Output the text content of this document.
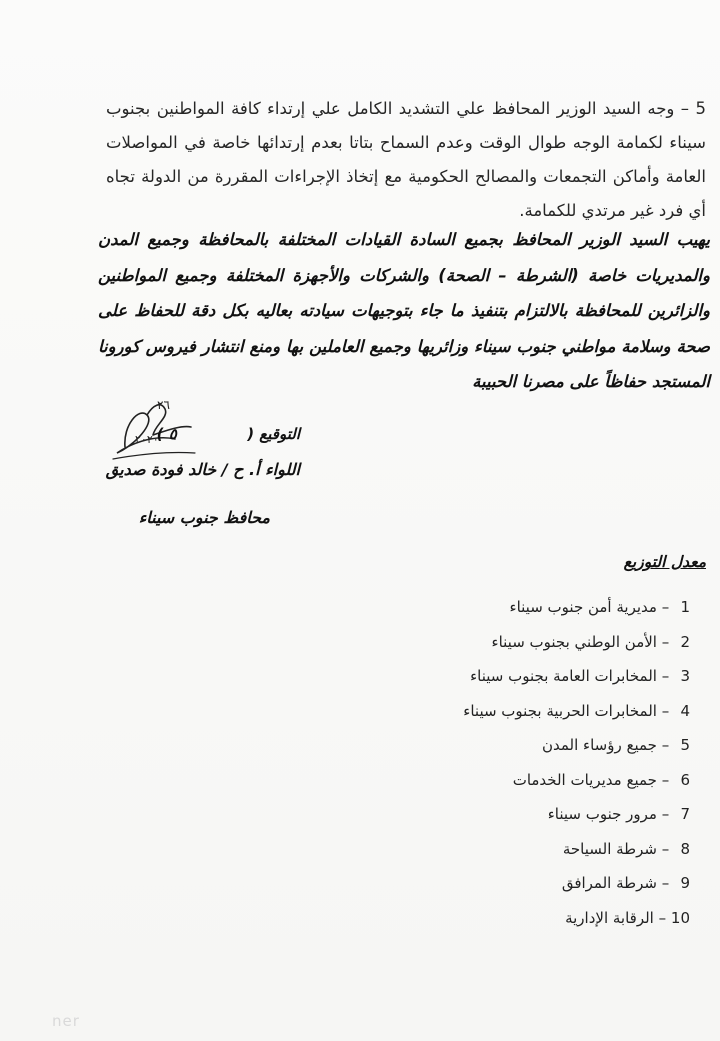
5 – وجه السيد الوزير المحافظ علي التشديد الكامل علي إرتداء كافة المواطنين بجنوب سيناء لكمامة الوجه طوال الوقت وعدم السماح بتاتا بعدم إرتدائها خاصة في المواصلات العامة وأماكن التجمعات والمصالح الحكومية مع إتخاذ الإجراءات المقررة من الدولة تجاه أي فرد غير مرتدي للكمامة.
يهيب السيد الوزير المحافظ بجميع السادة القيادات المختلفة بالمحافظة وجميع المدن والمديريات خاصة (الشرطة – الصحة) والشركات والأجهزة المختلفة وجميع المواطنين والزائرين للمحافظة بالالتزام بتنفيذ ما جاء بتوجيهات سيادته بعاليه بكل دقة للحفاظ على صحة وسلامة مواطني جنوب سيناء وزائريها وجميع العاملين بها ومنع انتشار فيروس كورونا المستجد حفاظاً على مصرنا الحبيبة
٢٦
٢٠٢٠	التوقيع (  ٥ )
اللواء أ. ح / خالد فودة صديق
محافظ جنوب سيناء
معدل التوزيع
1 – مديرية أمن جنوب سيناء
2 – الأمن الوطني بجنوب سيناء
3 – المخابرات العامة بجنوب سيناء
4 – المخابرات الحربية بجنوب سيناء
5 – جميع رؤساء المدن
6 – جميع مديريات الخدمات
7 – مرور جنوب سيناء
8 – شرطة السياحة
9 – شرطة المرافق
10 – الرقابة الإدارية
ner
